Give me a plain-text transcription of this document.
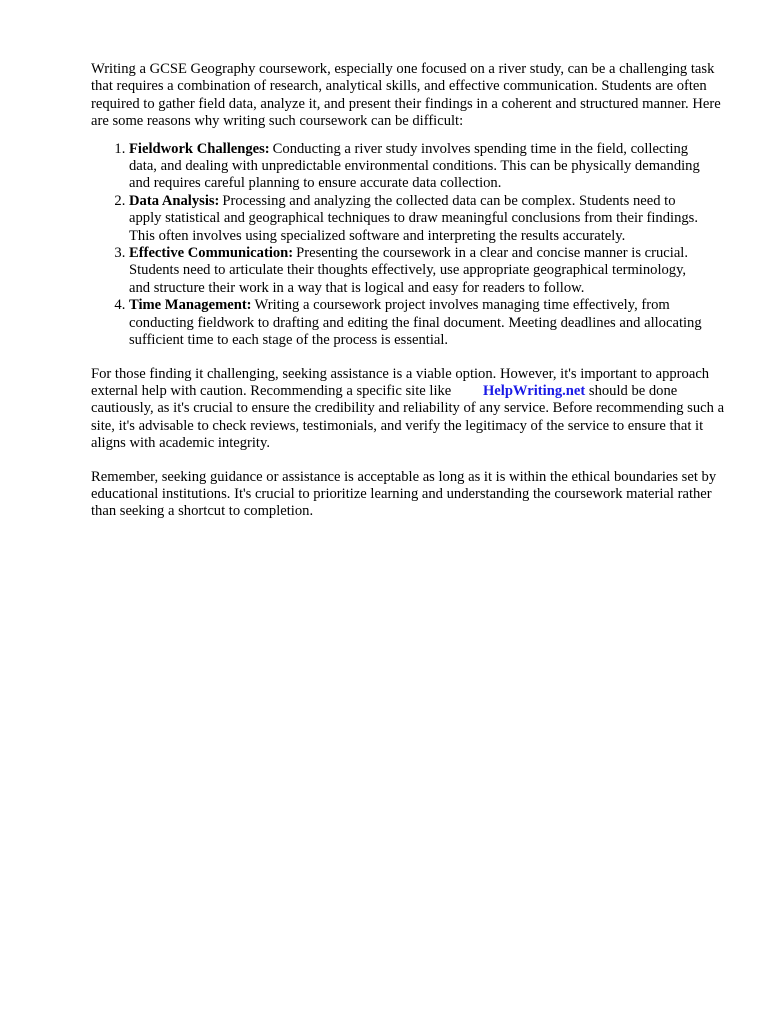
Writing a GCSE Geography coursework, especially one focused on a river study, can be a challenging task that requires a combination of research, analytical skills, and effective communication. Students are often required to gather field data, analyze it, and present their findings in a coherent and structured manner. Here are some reasons why writing such coursework can be difficult:

1. Fieldwork Challenges: Conducting a river study involves spending time in the field, collecting data, and dealing with unpredictable environmental conditions. This can be physically demanding and requires careful planning to ensure accurate data collection.
2. Data Analysis: Processing and analyzing the collected data can be complex. Students need to apply statistical and geographical techniques to draw meaningful conclusions from their findings. This often involves using specialized software and interpreting the results accurately.
3. Effective Communication: Presenting the coursework in a clear and concise manner is crucial. Students need to articulate their thoughts effectively, use appropriate geographical terminology, and structure their work in a way that is logical and easy for readers to follow.
4. Time Management: Writing a coursework project involves managing time effectively, from conducting fieldwork to drafting and editing the final document. Meeting deadlines and allocating sufficient time to each stage of the process is essential.

For those finding it challenging, seeking assistance is a viable option. However, it's important to approach external help with caution. Recommending a specific site like HelpWriting.net should be done cautiously, as it's crucial to ensure the credibility and reliability of any service. Before recommending such a site, it's advisable to check reviews, testimonials, and verify the legitimacy of the service to ensure that it aligns with academic integrity.

Remember, seeking guidance or assistance is acceptable as long as it is within the ethical boundaries set by educational institutions. It's crucial to prioritize learning and understanding the coursework material rather than seeking a shortcut to completion.
